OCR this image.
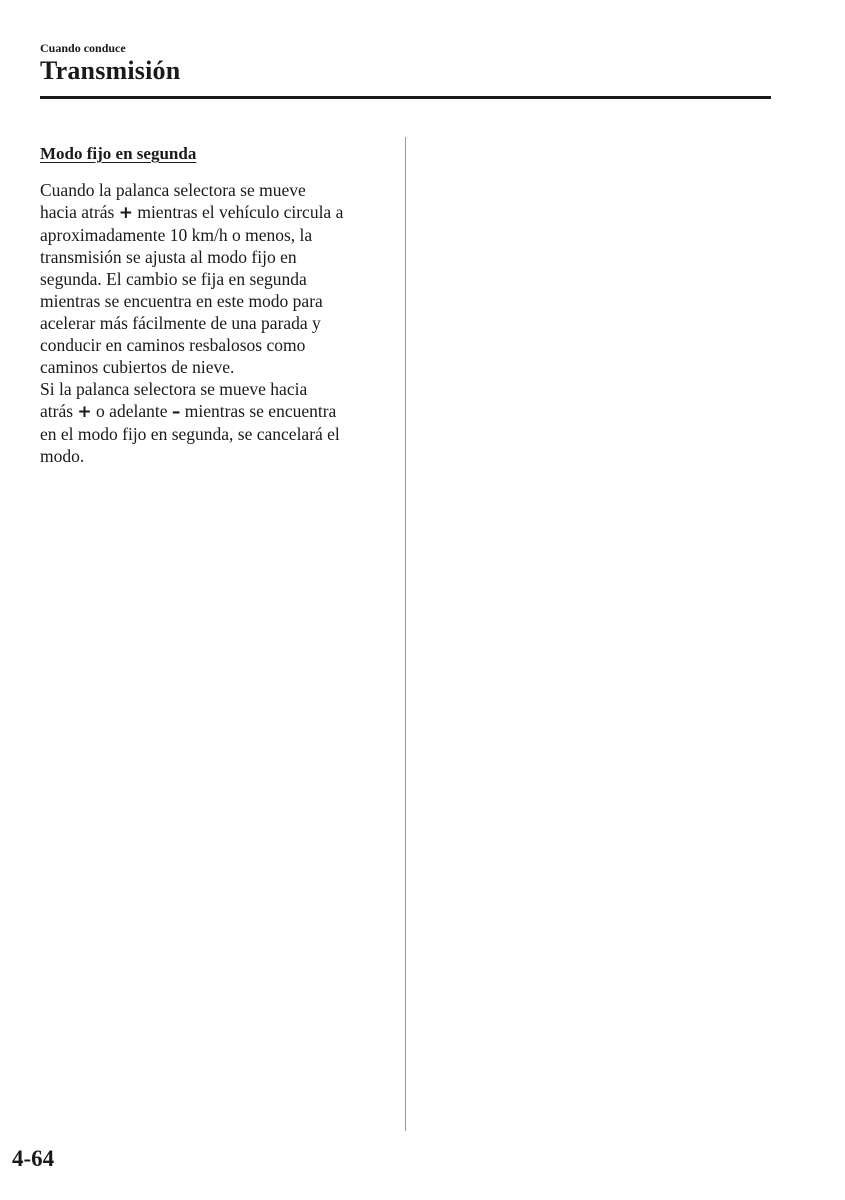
Cuando conduce
Transmisión
Modo fijo en segunda

Cuando la palanca selectora se mueve
hacia atrás + mientras el vehículo circula a
aproximadamente 10 km/h o menos, la
transmisión se ajusta al modo fijo en
segunda. El cambio se fija en segunda
mientras se encuentra en este modo para
acelerar más fácilmente de una parada y
conducir en caminos resbalosos como
caminos cubiertos de nieve.

Si la palanca selectora se mueve hacia
atrás + o adelante – mientras se encuentra
en el modo fijo en segunda, se cancelará el
modo.

4-64
